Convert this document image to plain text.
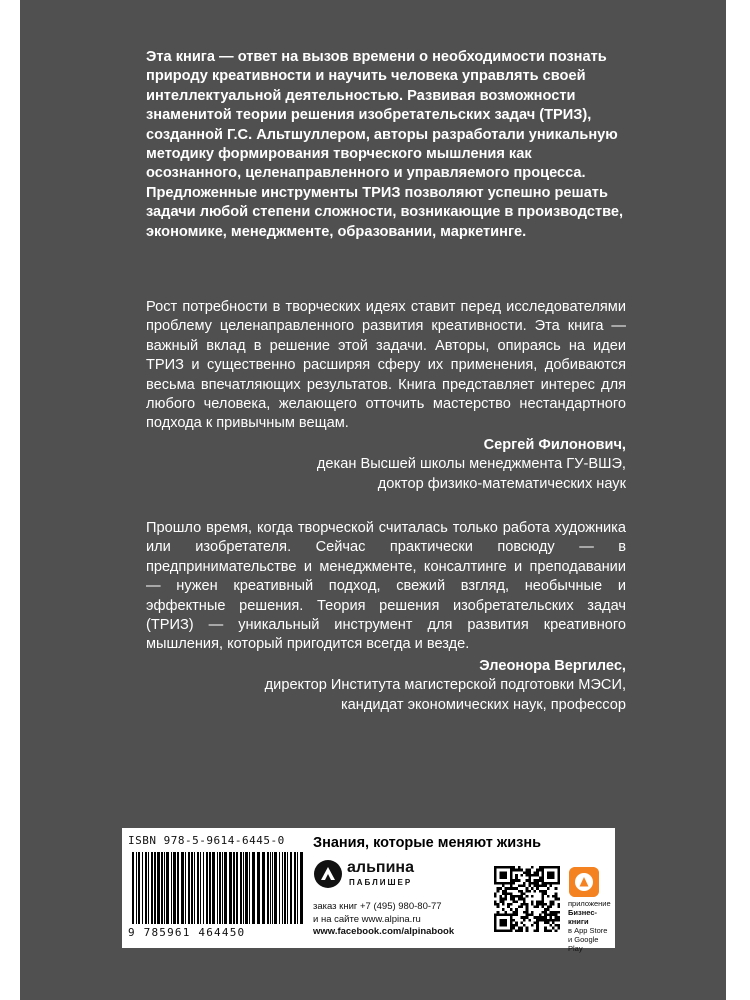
Эта книга — ответ на вызов времени о необходимости познать природу креативности и научить человека управлять своей интеллектуальной деятельностью. Развивая возможности знаменитой теории решения изобретательских задач (ТРИЗ), созданной Г.С. Альтшуллером, авторы разработали уникальную методику формирования творческого мышления как осознанного, целенаправленного и управляемого процесса. Предложенные инструменты ТРИЗ позволяют успешно решать задачи любой степени сложности, возникающие в производстве, экономике, менеджменте, образовании, маркетинге.
Рост потребности в творческих идеях ставит перед исследователями проблему целенаправленного развития креативности. Эта книга — важный вклад в решение этой задачи. Авторы, опираясь на идеи ТРИЗ и существенно расширяя сферу их применения, добиваются весьма впечатляющих результатов. Книга представляет интерес для любого человека, желающего отточить мастерство нестандартного подхода к привычным вещам.
Сергей Филонович,
декан Высшей школы менеджмента ГУ-ВШЭ,
доктор физико-математических наук
Прошло время, когда творческой считалась только работа художника или изобретателя. Сейчас практически повсюду — в предпринимательстве и менеджменте, консалтинге и преподавании — нужен креативный подход, свежий взгляд, необычные и эффектные решения. Теория решения изобретательских задач (ТРИЗ) — уникальный инструмент для развития креативного мышления, который пригодится всегда и везде.
Элеонора Вергилес,
директор Института магистерской подготовки МЭСИ,
кандидат экономических наук, профессор
ISBN 978-5-9614-6445-0
9 785961 464450
Знания, которые меняют жизнь
альпина
ПАБЛИШЕР
заказ книг +7 (495) 980-80-77
и на сайте www.alpina.ru
www.facebook.com/alpinabook
приложение
Бизнес-книги
в App Store
и Google Play
